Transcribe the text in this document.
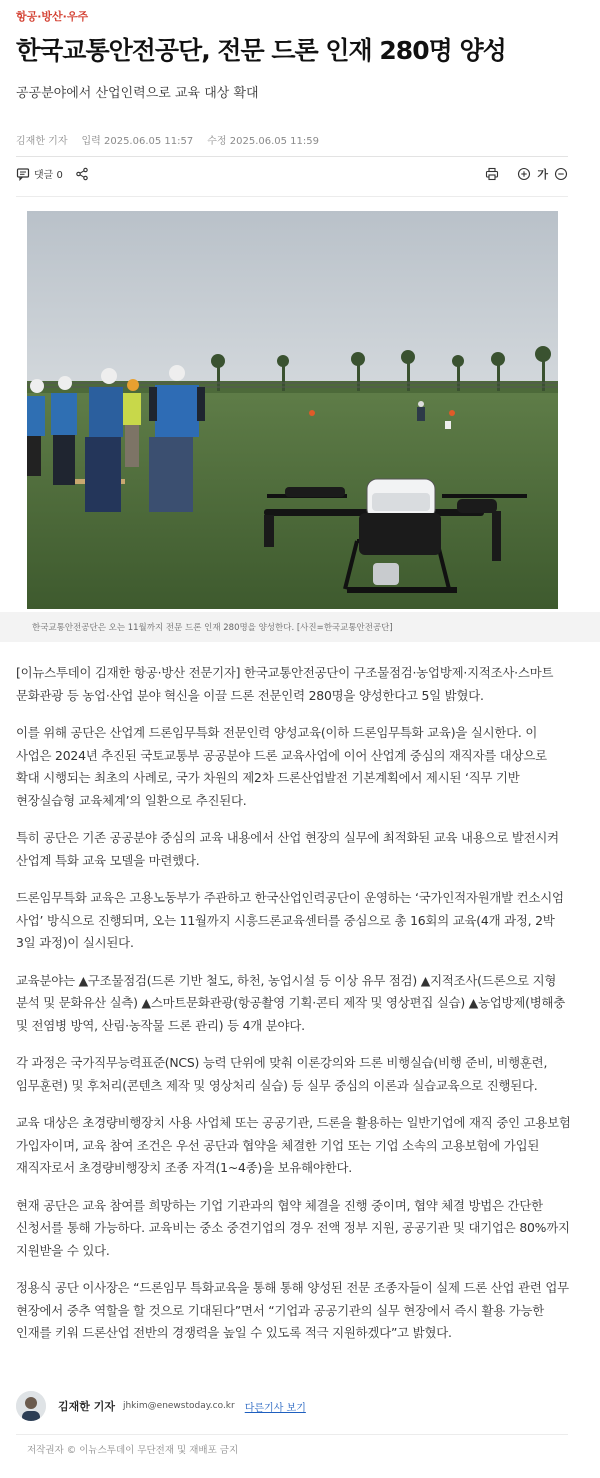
항공·방산·우주
한국교통안전공단, 전문 드론 인재 280명 양성
공공분야에서 산업인력으로 교육 대상 확대
김재한 기자 입력 2025.06.05 11:57 수정 2025.06.05 11:59
댓글 0	가
한국교통안전공단은 오는 11월까지 전문 드론 인재 280명을 양성한다. [사진=한국교통안전공단]

[이뉴스투데이 김재한 항공·방산 전문기자] 한국교통안전공단이 구조물점검·농업방제·지적조사·스마트 문화관광 등 농업·산업 분야 혁신을 이끌 드론 전문인력 280명을 양성한다고 5일 밝혔다.

이를 위해 공단은 산업계 드론임무특화 전문인력 양성교육(이하 드론임무특화 교육)을 실시한다. 이 사업은 2024년 추진된 국토교통부 공공분야 드론 교육사업에 이어 산업계 중심의 재직자를 대상으로 확대 시행되는 최초의 사례로, 국가 차원의 제2차 드론산업발전 기본계획에서 제시된 ‘직무 기반 현장실습형 교육체계’의 일환으로 추진된다.

특히 공단은 기존 공공분야 중심의 교육 내용에서 산업 현장의 실무에 최적화된 교육 내용으로 발전시켜 산업계 특화 교육 모델을 마련했다.

드론임무특화 교육은 고용노동부가 주관하고 한국산업인력공단이 운영하는 ‘국가인적자원개발 컨소시엄 사업’ 방식으로 진행되며, 오는 11월까지 시흥드론교육센터를 중심으로 총 16회의 교육(4개 과정, 2박 3일 과정)이 실시된다.

교육분야는 ▲구조물점검(드론 기반 철도, 하천, 농업시설 등 이상 유무 점검) ▲지적조사(드론으로 지형 분석 및 문화유산 실측) ▲스마트문화관광(항공촬영 기획·콘티 제작 및 영상편집 실습) ▲농업방제(병해충 및 전염병 방역, 산림·농작물 드론 관리) 등 4개 분야다.

각 과정은 국가직무능력표준(NCS) 능력 단위에 맞춰 이론강의와 드론 비행실습(비행 준비, 비행훈련, 임무훈련) 및 후처리(콘텐츠 제작 및 영상처리 실습) 등 실무 중심의 이론과 실습교육으로 진행된다.

교육 대상은 초경량비행장치 사용 사업체 또는 공공기관, 드론을 활용하는 일반기업에 재직 중인 고용보험 가입자이며, 교육 참여 조건은 우선 공단과 협약을 체결한 기업 또는 기업 소속의 고용보험에 가입된 재직자로서 초경량비행장치 조종 자격(1~4종)을 보유해야한다.

현재 공단은 교육 참여를 희망하는 기업 기관과의 협약 체결을 진행 중이며, 협약 체결 방법은 간단한 신청서를 통해 가능하다. 교육비는 중소 중견기업의 경우 전액 정부 지원, 공공기관 및 대기업은 80%까지 지원받을 수 있다.

정용식 공단 이사장은 “드론임무 특화교육을 통해 통해 양성된 전문 조종자들이 실제 드론 산업 관련 업무 현장에서 중추 역할을 할 것으로 기대된다”면서 “기업과 공공기관의 실무 현장에서 즉시 활용 가능한 인재를 키워 드론산업 전반의 경쟁력을 높일 수 있도록 적극 지원하겠다”고 밝혔다.

김재한 기자 jhkim@enewstoday.co.kr 다른기사 보기
저작권자 © 이뉴스투데이 무단전재 및 재배포 금지
